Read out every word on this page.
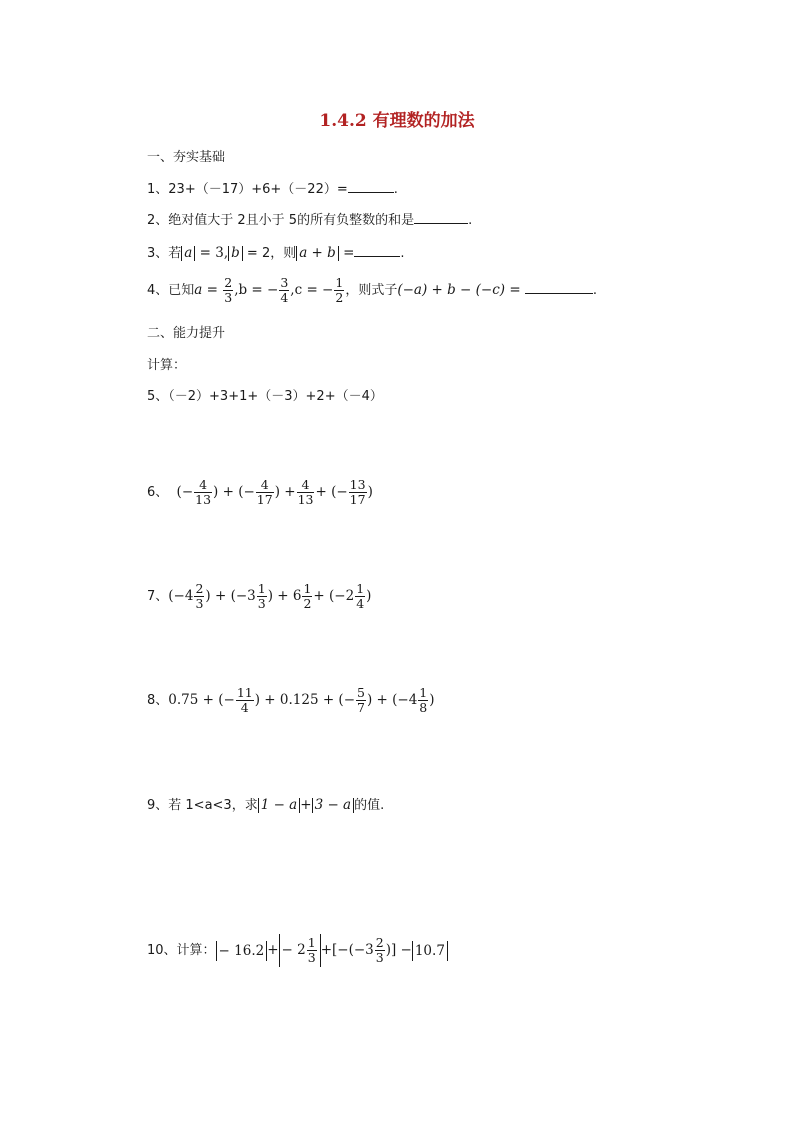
1.4.2 有理数的加法
一、夯实基础
1、23+（－17）+6+（－22）=	.
2、绝对值大于 2且小于 5的所有负整数的和是	.
3、若 a = 3, b = 2，则 a + b =	.
4、已知$a = \frac{2}{3} ,b$ = − $\frac{3}{4} ,c$ = − $\frac{1}{2}$ ，则式子(−a) + b − (−c) =	.
二、能力提升
计算：
5、（－2）+3+1+（－3）+2+（－4）
6、 (− $\frac{4}{13}$ ) + (− $\frac{4}{17}$ ) + $\frac{4}{13}$ + (− $\frac{13}{17}$ )
7、($-4 \frac{2}{3}$ ) + ($-3 \frac{1}{3}$ ) + $6 \frac{1}{2} + (-2 \frac{1}{4}$ )
8、0.75 + (− $\frac{11}{4}$ ) + 0.125 + (− $\frac{5}{7}$ ) + ($-4 \frac{1}{8}$ )
9、若 1<a<3，求 1 − a + 3 − a 的值.
10、计算： − 16.2 + − $2 \frac{1}{3} +[-(-3 \frac{2}{3}$ )] − 10.7
